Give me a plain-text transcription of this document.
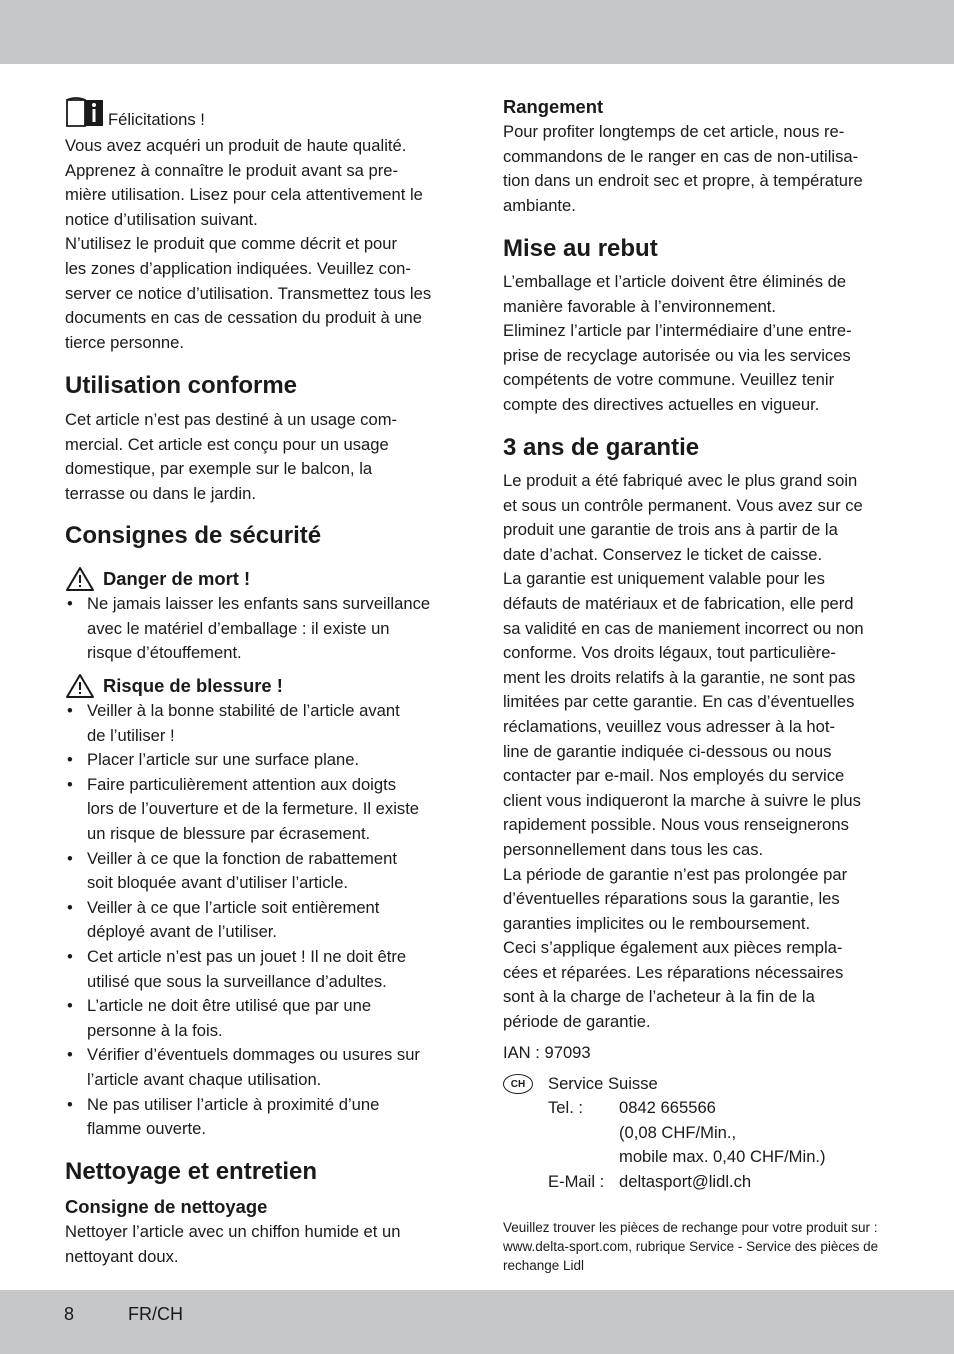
Félicitations !

Vous avez acquéri un produit de haute qualité.

Apprenez à connaître le produit avant sa pre-

mière utilisation. Lisez pour cela attentivement le

notice d’utilisation suivant.

N’utilisez le produit que comme décrit et pour

les zones d’application indiquées. Veuillez con-

server ce notice d’utilisation. Transmettez tous les

documents en cas de cessation du produit à une

tierce personne.

Utilisation conforme

Cet article n’est pas destiné à un usage com-

mercial. Cet article est conçu pour un usage

domestique, par exemple sur le balcon, la

terrasse ou dans le jardin.

Consignes de sécurité
Danger de mort !
• Ne jamais laisser les enfants sans surveillance
avec le matériel d’emballage : il existe un
risque d’étouffement.
Risque de blessure !
• Veiller à la bonne stabilité de l’article avant
de l’utiliser !
• Placer l’article sur une surface plane.
• Faire particulièrement attention aux doigts
lors de l’ouverture et de la fermeture. Il existe
un risque de blessure par écrasement.
• Veiller à ce que la fonction de rabattement
soit bloquée avant d’utiliser l’article.
• Veiller à ce que l’article soit entièrement
déployé avant de l’utiliser.
• Cet article n’est pas un jouet ! Il ne doit être
utilisé que sous la surveillance d’adultes.
• L’article ne doit être utilisé que par une
personne à la fois.
• Vérifier d’éventuels dommages ou usures sur
l’article avant chaque utilisation.
• Ne pas utiliser l’article à proximité d’une
flamme ouverte.
Nettoyage et entretien
Consigne de nettoyage

Nettoyer l’article avec un chiffon humide et un

nettoyant doux.

Rangement

Pour profiter longtemps de cet article, nous re-

commandons de le ranger en cas de non-utilisa-

tion dans un endroit sec et propre, à température

ambiante.

Mise au rebut

L’emballage et l’article doivent être éliminés de

manière favorable à l’environnement.

Eliminez l’article par l’intermédiaire d’une entre-

prise de recyclage autorisée ou via les services

compétents de votre commune. Veuillez tenir

compte des directives actuelles en vigueur.

3 ans de garantie

Le produit a été fabriqué avec le plus grand soin

et sous un contrôle permanent. Vous avez sur ce

produit une garantie de trois ans à partir de la

date d’achat. Conservez le ticket de caisse.

La garantie est uniquement valable pour les

défauts de matériaux et de fabrication, elle perd

sa validité en cas de maniement incorrect ou non

conforme. Vos droits légaux, tout particulière-

ment les droits relatifs à la garantie, ne sont pas

limitées par cette garantie. En cas d’éventuelles

réclamations, veuillez vous adresser à la hot-

line de garantie indiquée ci-dessous ou nous

contacter par e-mail. Nos employés du service

client vous indiqueront la marche à suivre le plus

rapidement possible. Nous vous renseignerons

personnellement dans tous les cas.

La période de garantie n’est pas prolongée par

d’éventuelles réparations sous la garantie, les

garanties implicites ou le remboursement.

Ceci s’applique également aux pièces rempla-

cées et réparées. Les réparations nécessaires

sont à la charge de l’acheteur à la fin de la

période de garantie.

IAN : 97093

CH	Service Suisse
Tel. : 0842 665566

(0,08 CHF/Min.,

mobile max. 0,40 CHF/Min.)

E-Mail : deltasport@lidl.ch

Veuillez trouver les pièces de rechange pour votre produit sur :

www.delta-sport.com, rubrique Service - Service des pièces de

rechange Lidl

8	FR/CH
